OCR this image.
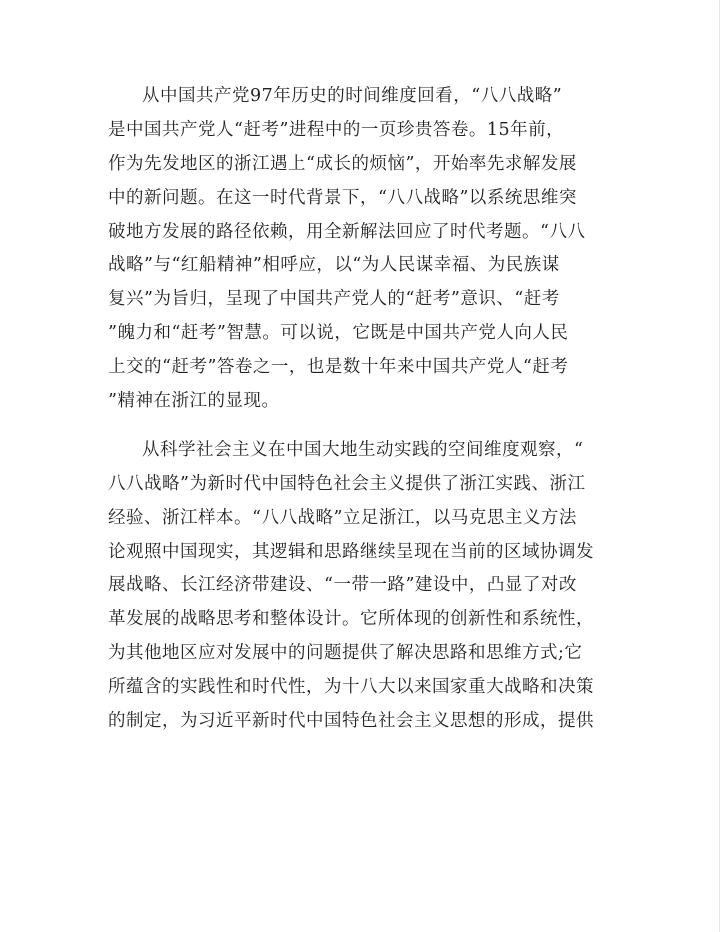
从中国共产党97年历史的时间维度回看，“八八战略”
是中国共产党人“赶考”进程中的一页珍贵答卷。15年前，
作为先发地区的浙江遇上“成长的烦恼”，开始率先求解发展
中的新问题。在这一时代背景下，“八八战略”以系统思维突
破地方发展的路径依赖，用全新解法回应了时代考题。“八八
战略”与“红船精神”相呼应，以“为人民谋幸福、为民族谋
复兴”为旨归，呈现了中国共产党人的“赶考”意识、“赶考
”魄力和“赶考”智慧。可以说，它既是中国共产党人向人民
上交的“赶考”答卷之一，也是数十年来中国共产党人“赶考
”精神在浙江的显现。
从科学社会主义在中国大地生动实践的空间维度观察，“
八八战略”为新时代中国特色社会主义提供了浙江实践、浙江
经验、浙江样本。“八八战略”立足浙江，以马克思主义方法
论观照中国现实，其逻辑和思路继续呈现在当前的区域协调发
展战略、长江经济带建设、“一带一路”建设中，凸显了对改
革发展的战略思考和整体设计。它所体现的创新性和系统性，
为其他地区应对发展中的问题提供了解决思路和思维方式;它
所蕴含的实践性和时代性，为十八大以来国家重大战略和决策
的制定，为习近平新时代中国特色社会主义思想的形成，提供
